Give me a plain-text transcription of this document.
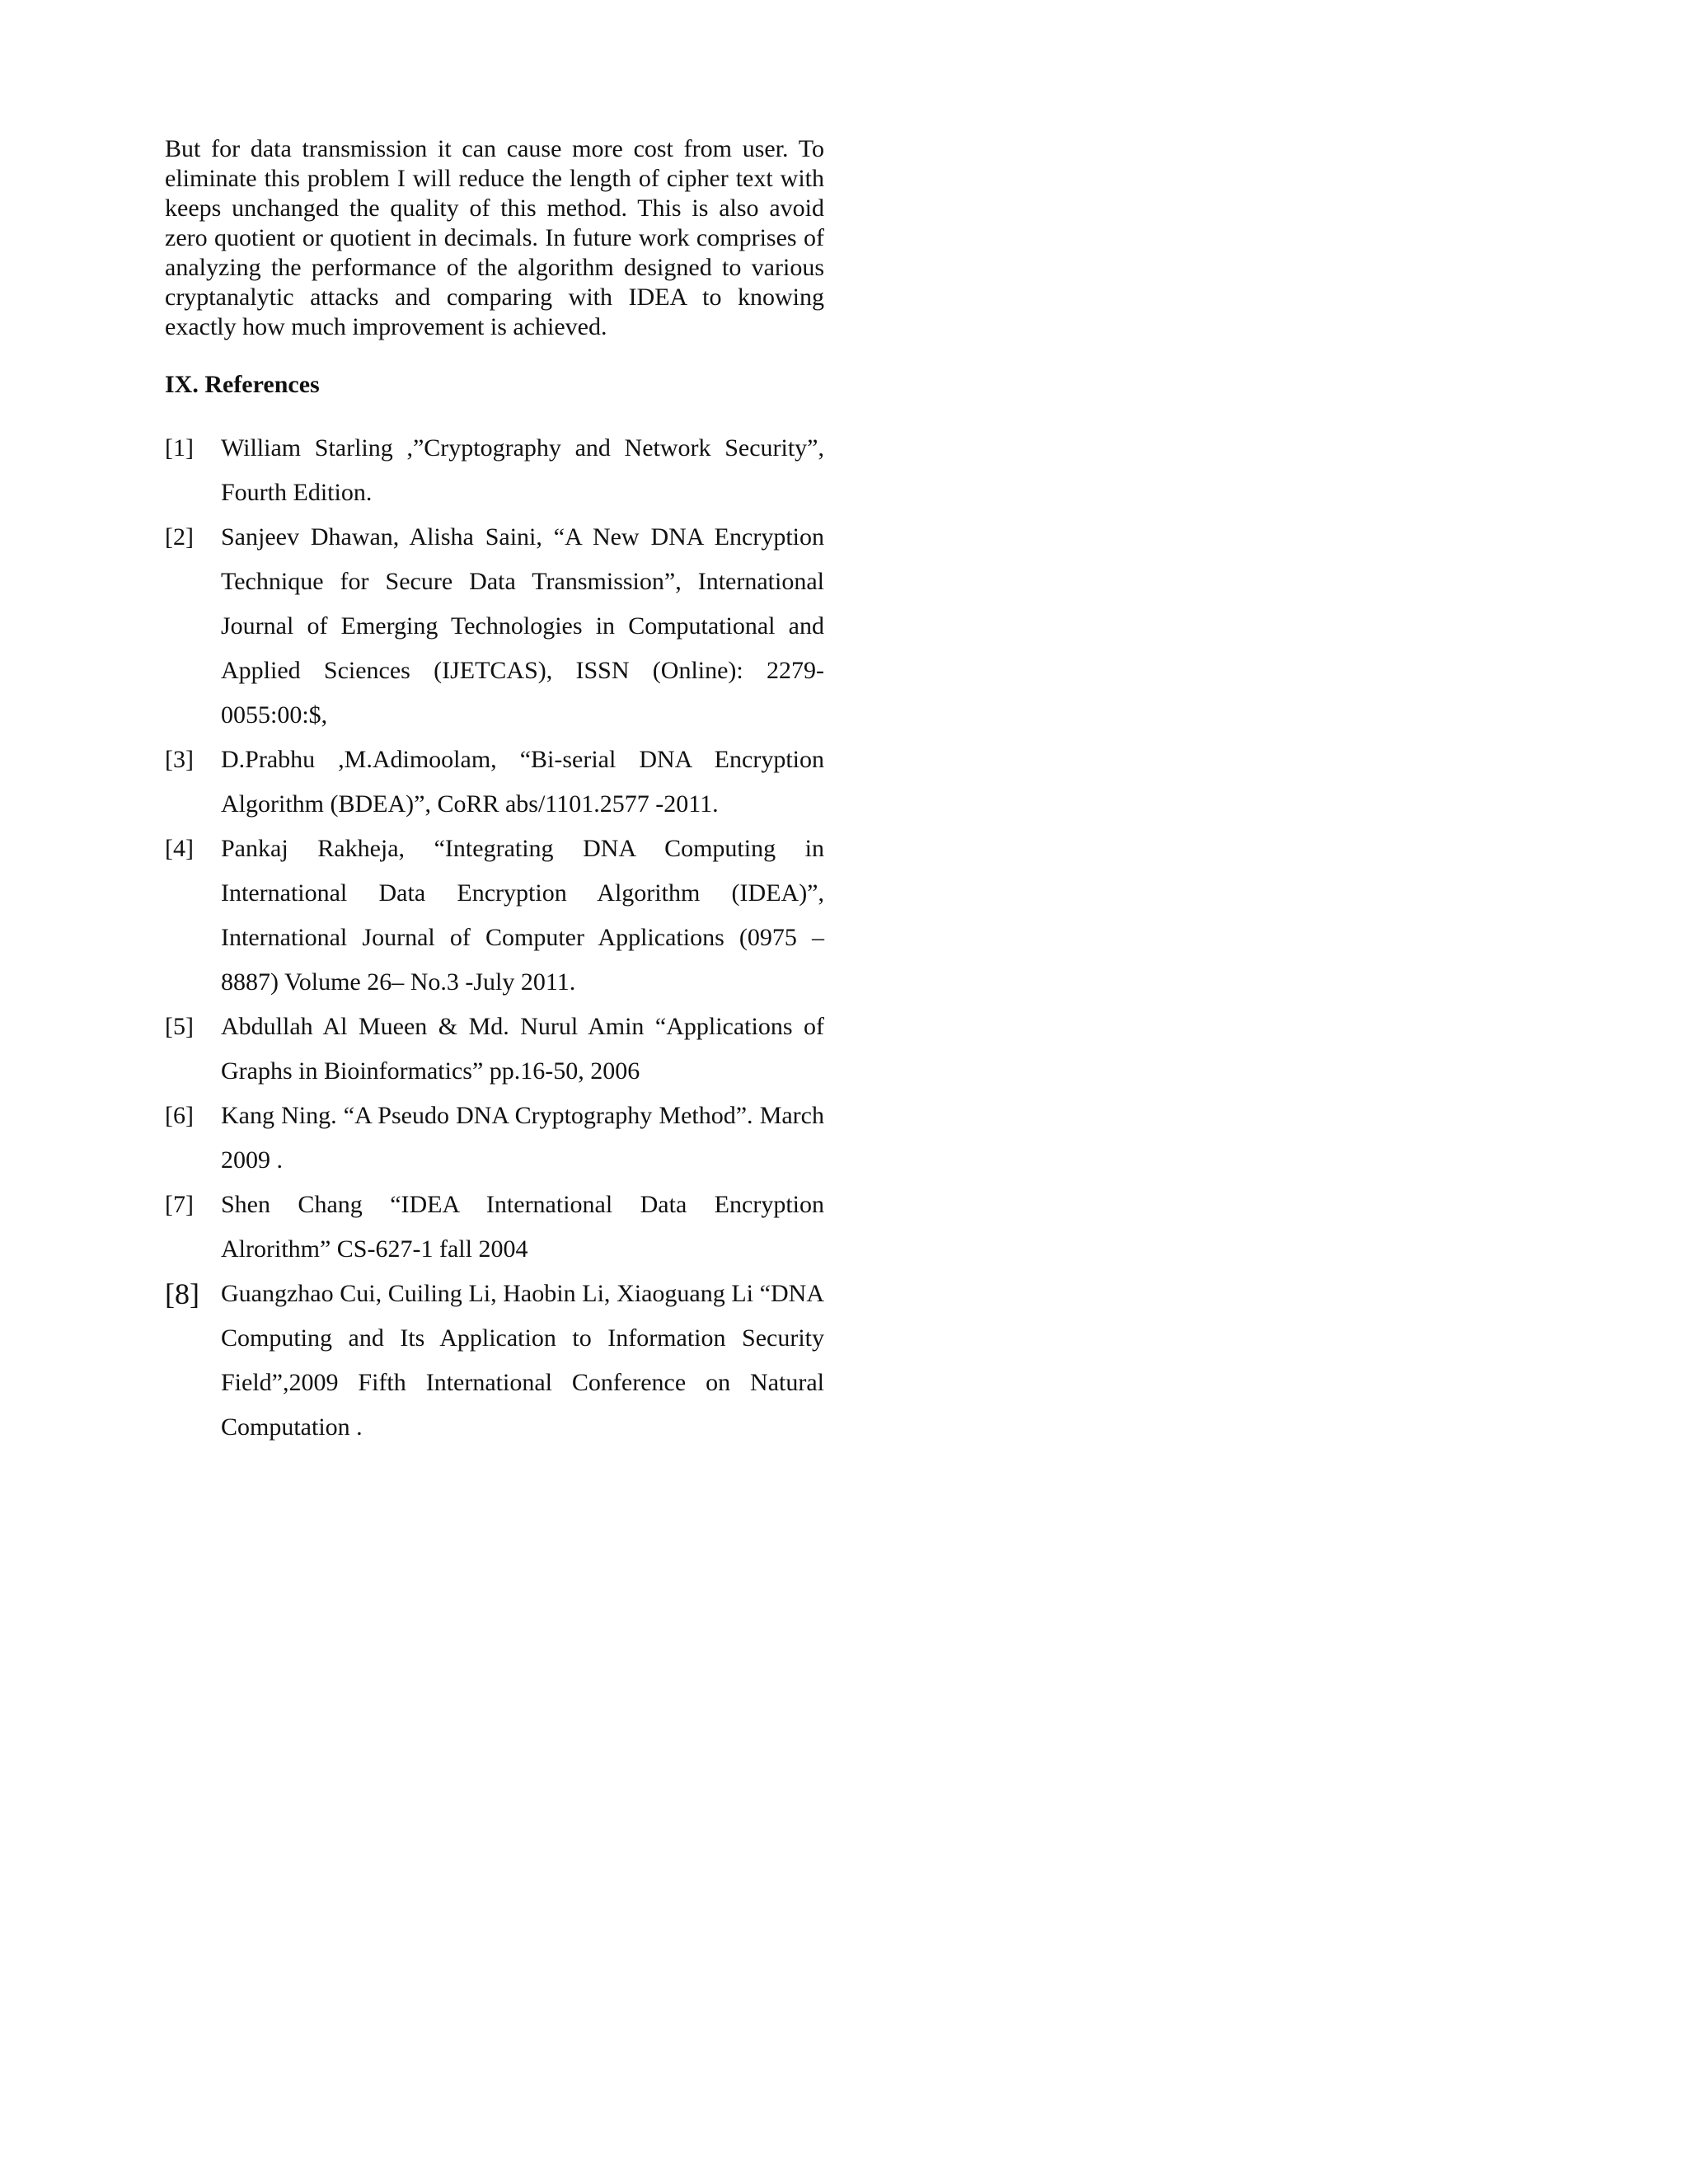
But for data transmission it can cause more cost from user. To eliminate this problem I will reduce the length of cipher text with keeps unchanged the quality of this method. This is also avoid zero quotient or quotient in decimals. In future work comprises of analyzing the performance of the algorithm designed to various cryptanalytic attacks and comparing with IDEA to knowing exactly how much improvement is achieved.

IX. References
[1]	William Starling ,”Cryptography and Network Security”, Fourth Edition.
[2]	Sanjeev Dhawan, Alisha Saini, “A New DNA Encryption Technique for Secure Data Transmission”, International Journal of Emerging Technologies in Computational and Applied Sciences (IJETCAS), ISSN (Online): 2279-0055:00:$,
[3]	D.Prabhu ,M.Adimoolam, “Bi-serial DNA Encryption Algorithm (BDEA)”, CoRR abs/1101.2577 -2011.
[4]	Pankaj Rakheja, “Integrating DNA Computing in International Data Encryption Algorithm (IDEA)”, International Journal of Computer Applications (0975 – 8887) Volume 26– No.3 -July 2011.
[5]	Abdullah Al Mueen & Md. Nurul Amin “Applications of Graphs in Bioinformatics” pp.16-50, 2006
[6]	Kang Ning. “A Pseudo DNA Cryptography Method”. March 2009 .
[7]	Shen Chang “IDEA International Data Encryption Alrorithm” CS-627-1 fall 2004
[8] Guangzhao Cui, Cuiling Li, Haobin Li, Xiaoguang Li “DNA Computing and Its Application to Information Security Field”,2009 Fifth International Conference on Natural Computation .
